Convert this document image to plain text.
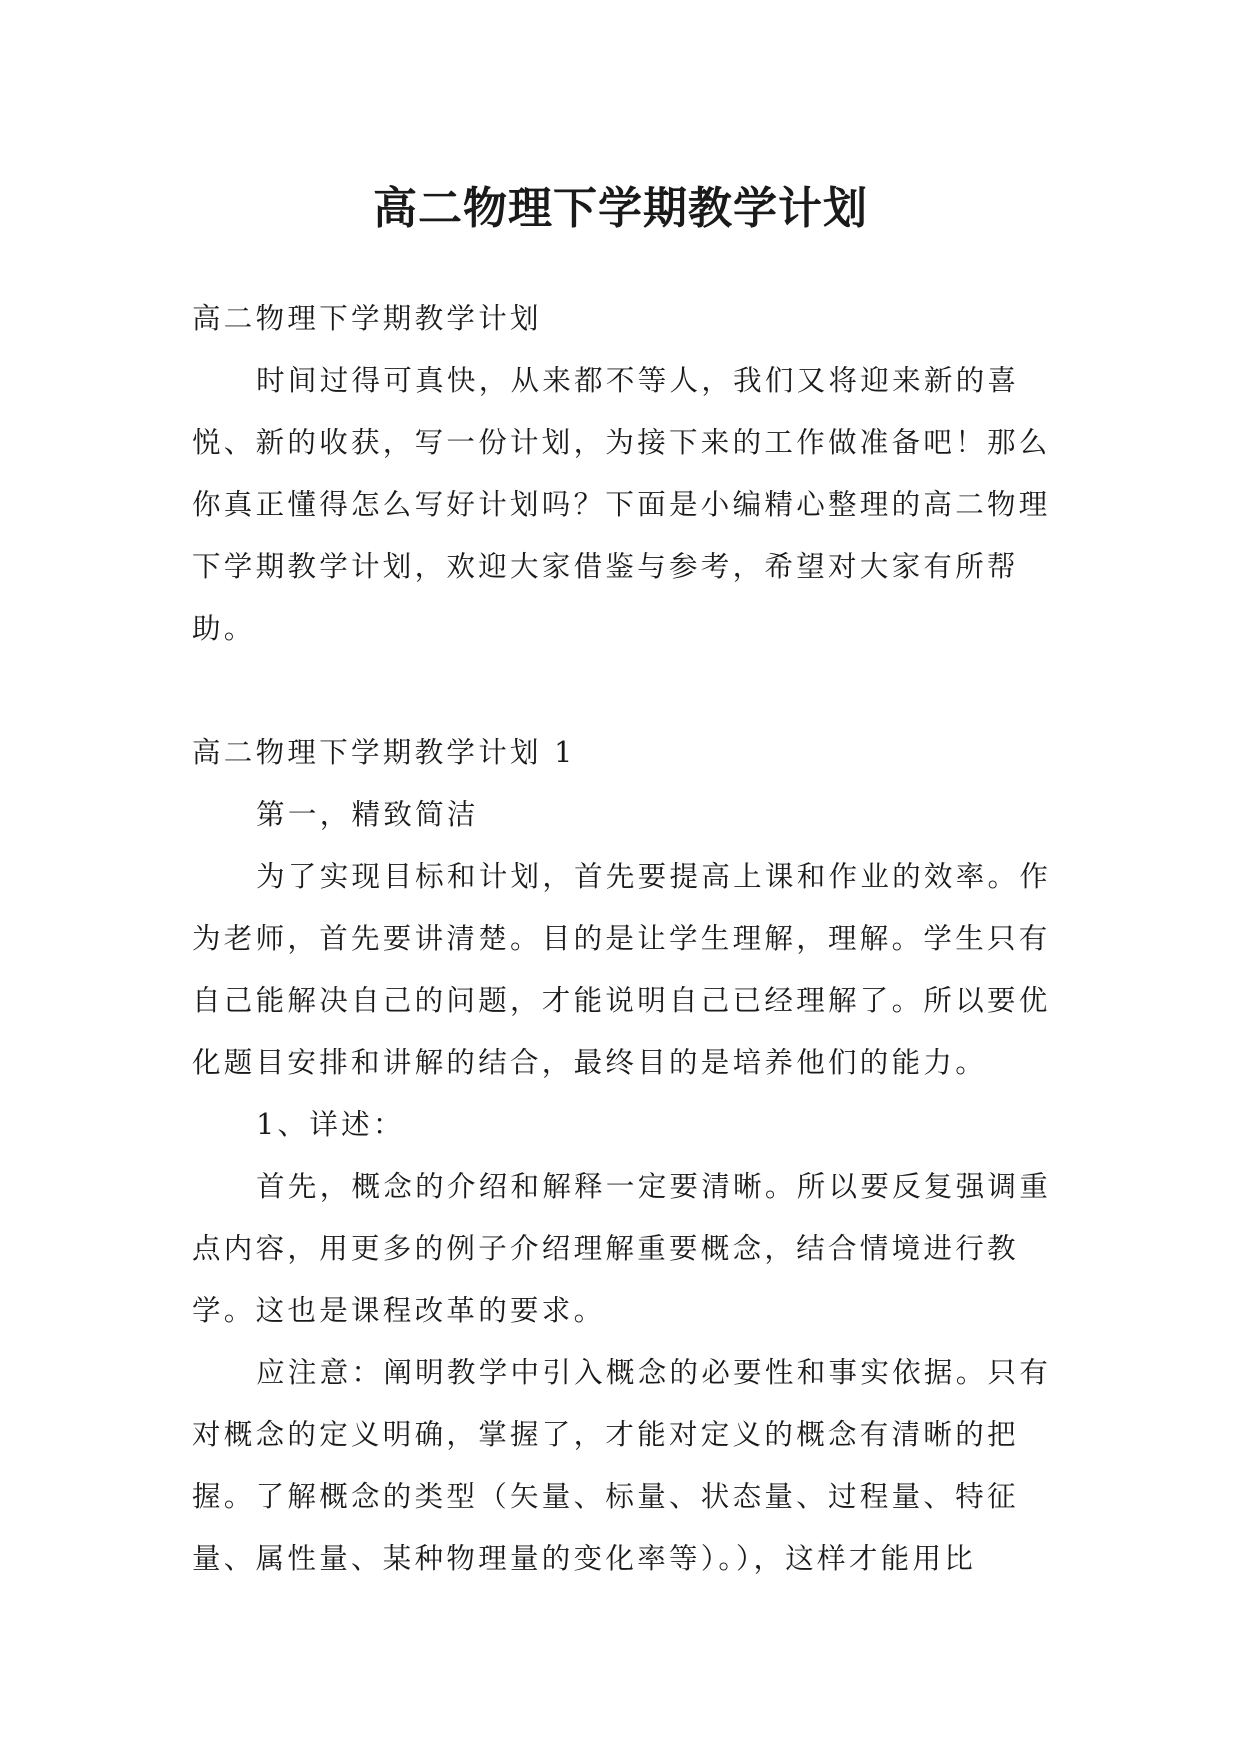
高二物理下学期教学计划

高二物理下学期教学计划

时间过得可真快，从来都不等人，我们又将迎来新的喜悦、新的收获，写一份计划，为接下来的工作做准备吧！那么你真正懂得怎么写好计划吗？下面是小编精心整理的高二物理下学期教学计划，欢迎大家借鉴与参考，希望对大家有所帮助。

高二物理下学期教学计划 1

第一，精致简洁

为了实现目标和计划，首先要提高上课和作业的效率。作为老师，首先要讲清楚。目的是让学生理解，理解。学生只有自己能解决自己的问题，才能说明自己已经理解了。所以要优化题目安排和讲解的结合，最终目的是培养他们的能力。

1、详述：

首先，概念的介绍和解释一定要清晰。所以要反复强调重点内容，用更多的例子介绍理解重要概念，结合情境进行教学。这也是课程改革的要求。

应注意：阐明教学中引入概念的必要性和事实依据。只有对概念的定义明确，掌握了，才能对定义的概念有清晰的把握。了解概念的类型（矢量、标量、状态量、过程量、特征量、属性量、某种物理量的变化率等）。），这样才能用比
